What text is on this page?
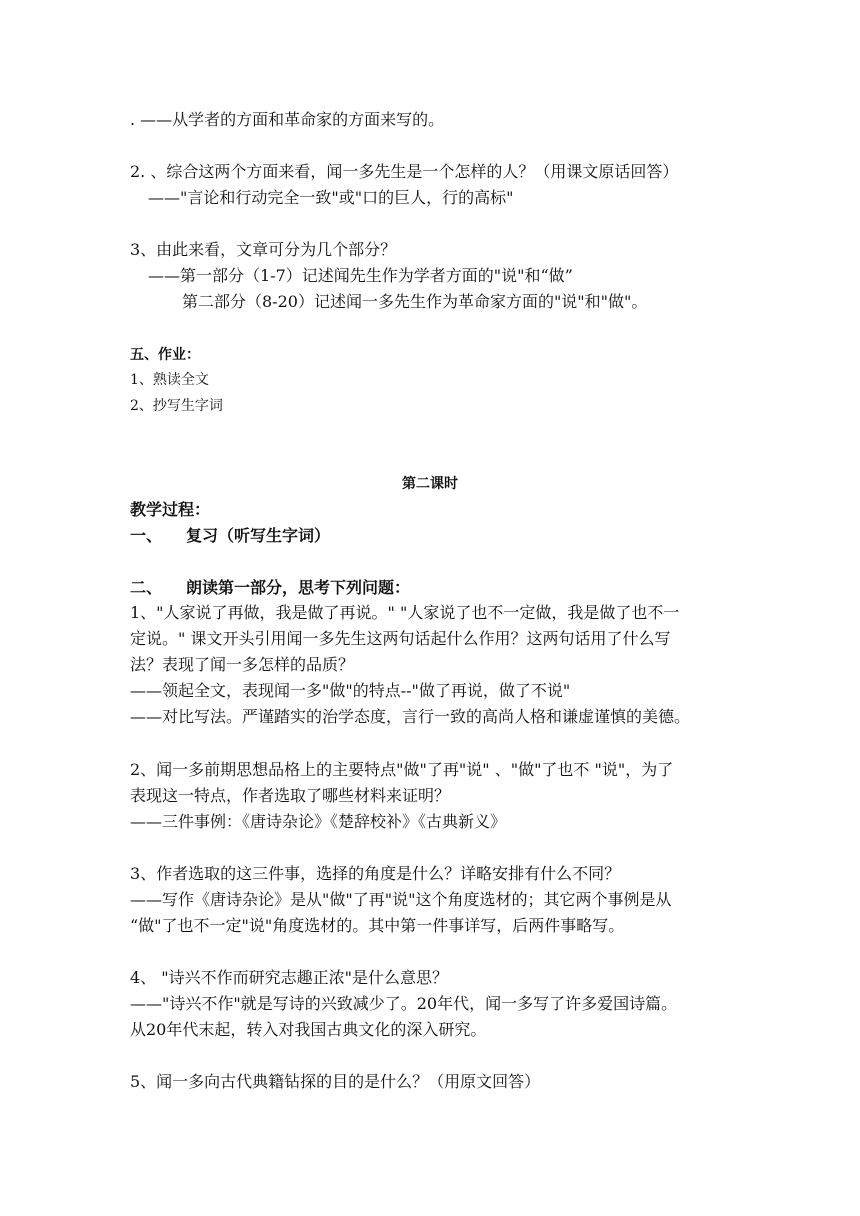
. ——从学者的方面和革命家的方面来写的。
2. 、综合这两个方面来看，闻一多先生是一个怎样的人？（用课文原话回答）
——"言论和行动完全一致"或"口的巨人，行的高标"
3、由此来看，文章可分为几个部分？
——第一部分（1-7）记述闻先生作为学者方面的"说"和“做”
第二部分（8-20）记述闻一多先生作为革命家方面的"说"和"做"。
五、作业：
1、熟读全文
2、抄写生字词
第二课时
教学过程：
一、　　复习（听写生字词）
二、　　朗读第一部分，思考下列问题：
1、"人家说了再做，我是做了再说。" "人家说了也不一定做，我是做了也不一
定说。" 课文开头引用闻一多先生这两句话起什么作用？这两句话用了什么写
法？表现了闻一多怎样的品质？
——领起全文，表现闻一多"做"的特点--"做了再说，做了不说"
——对比写法。严谨踏实的治学态度，言行一致的高尚人格和谦虚谨慎的美德。
2、闻一多前期思想品格上的主要特点"做"了再"说" 、"做"了也不 "说"，为了
表现这一特点，作者选取了哪些材料来证明？
——三件事例：《唐诗杂论》《楚辞校补》《古典新义》
3、作者选取的这三件事，选择的角度是什么？详略安排有什么不同？
——写作《唐诗杂论》是从"做"了再"说"这个角度选材的；其它两个事例是从
“做"了也不一定"说"角度选材的。其中第一件事详写，后两件事略写。
4、 "诗兴不作而研究志趣正浓"是什么意思？
——"诗兴不作"就是写诗的兴致减少了。20年代，闻一多写了许多爱国诗篇。
从20年代末起，转入对我国古典文化的深入研究。
5、闻一多向古代典籍钻探的目的是什么？（用原文回答）
